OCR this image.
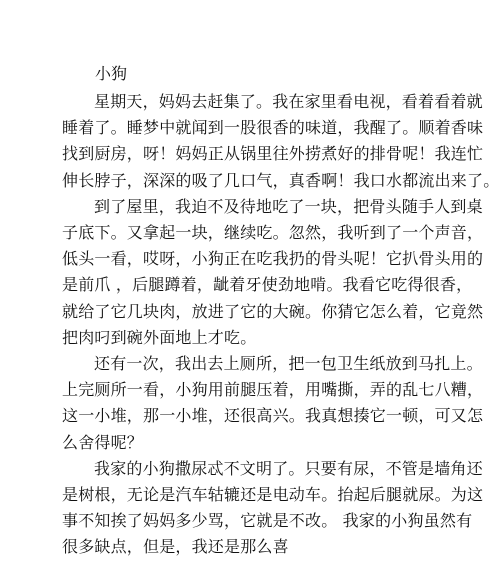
小狗

星期天，妈妈去赶集了。我在家里看电视，看着看着就
睡着了。睡梦中就闻到一股很香的味道，我醒了。顺着香味
找到厨房，呀！妈妈正从锅里往外捞煮好的排骨呢！我连忙
伸长脖子，深深的吸了几口气，真香啊！我口水都流出来了。

到了屋里，我迫不及待地吃了一块，把骨头随手人到桌
子底下。又拿起一块，继续吃。忽然，我听到了一个声音，
低头一看，哎呀，小狗正在吃我扔的骨头呢！它扒骨头用的
是前爪 ，后腿蹲着，龇着牙使劲地啃。我看它吃得很香，
就给了它几块肉，放进了它的大碗。你猜它怎么着，它竟然
把肉叼到碗外面地上才吃。

还有一次，我出去上厕所，把一包卫生纸放到马扎上。
上完厕所一看，小狗用前腿压着，用嘴撕，弄的乱七八糟，
这一小堆，那一小堆，还很高兴。我真想揍它一顿，可又怎
么舍得呢？

我家的小狗撒尿忒不文明了。只要有尿，不管是墙角还
是树根，无论是汽车轱辘还是电动车。抬起后腿就尿。为这
事不知挨了妈妈多少骂，它就是不改。 我家的小狗虽然有
很多缺点，但是，我还是那么喜
